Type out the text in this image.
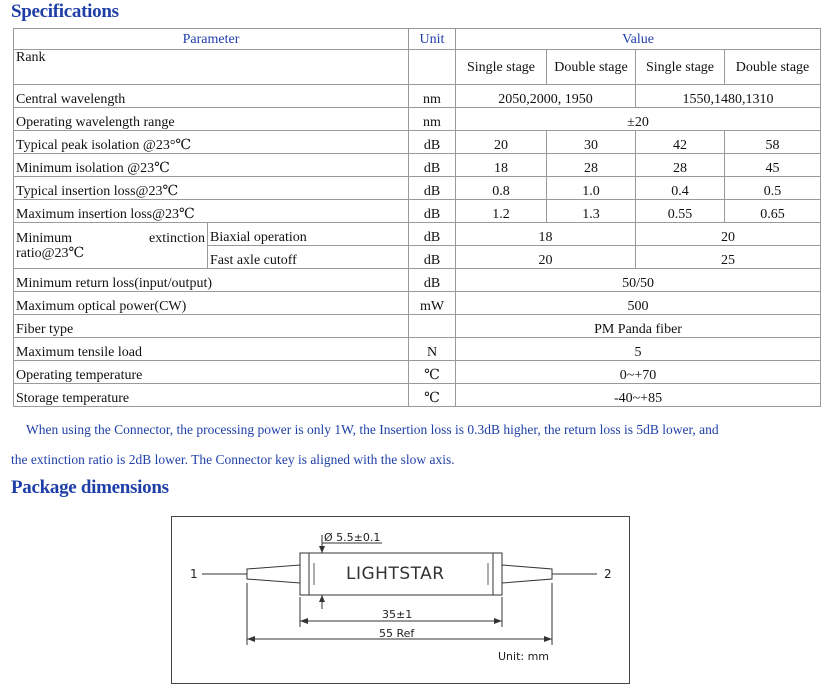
Specifications
Parameter		Unit	Value			
Rank			Single stage	Double stage	Single stage	Double stage
Central wavelength		nm	2050,2000, 1950		1550,1480,1310	
Operating wavelength range		nm	±20			
Typical peak isolation @23°℃		dB	20	30	42	58
Minimum isolation @23℃		dB	18	28	28	45
Typical insertion loss@23℃		dB	0.8	1.0	0.4	0.5
Maximum insertion loss@23℃		dB	1.2	1.3	0.55	0.65

Minimum extinction
ratio@23℃	Biaxial operation	dB	18		20	
	Fast axle cutoff	dB	20		25	
Minimum return loss(input/output)		dB	50/50			
Maximum optical power(CW)		mW	500			
Fiber type			PM Panda fiber			
Maximum tensile load		N	5			
Operating temperature		℃	0~+70			
Storage temperature		℃	-40~+85			
When using the Connector, the processing power is only 1W, the Insertion loss is 0.3dB higher, the return loss is 5dB lower, and
the extinction ratio is 2dB lower. The Connector key is aligned with the slow axis.
Package dimensions
1	2
LIGHTSTAR
Ø 5.5±0.1
35±1
55 Ref
Unit: mm
